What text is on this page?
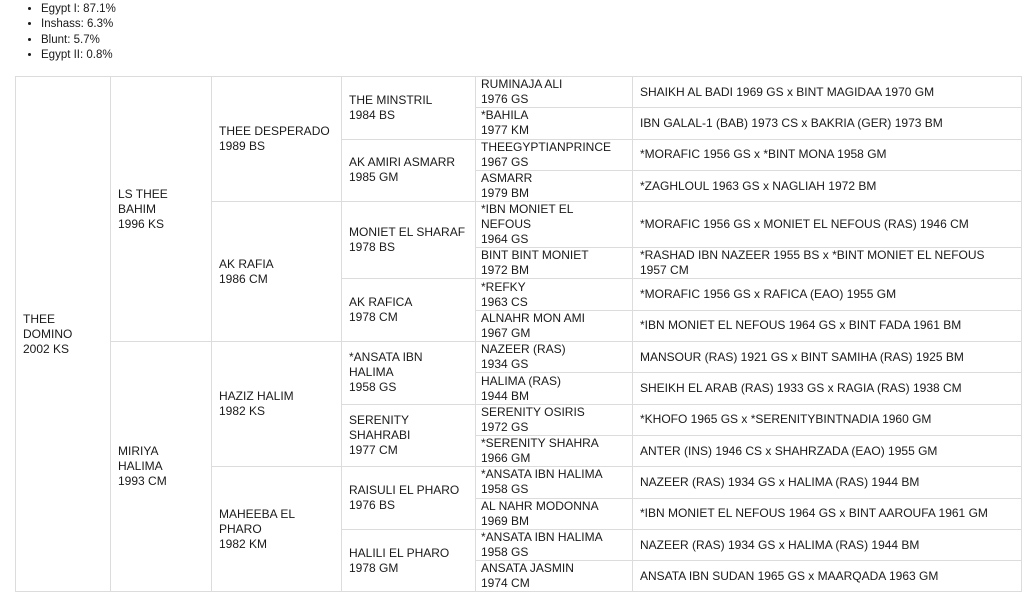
• Egypt I: 87.1%
• Inshass: 6.3%
• Blunt: 5.7%
• Egypt II: 0.8%
THEE
DOMINO
2002 KS	LS THEE
BAHIM
1996 KS	THEE DESPERADO
1989 BS	THE MINSTRIL
1984 BS	RUMINAJA ALI
1976 GS	SHAIKH AL BADI 1969 GS x BINT MAGIDAA 1970 GM

				*BAHILA
1977 KM	IBN GALAL-1 (BAB) 1973 CS x BAKRIA (GER) 1973 BM

			AK AMIRI ASMARR
1985 GM	THEEGYPTIANPRINCE
1967 GS	*MORAFIC 1956 GS x *BINT MONA 1958 GM

				ASMARR
1979 BM	*ZAGHLOUL 1963 GS x NAGLIAH 1972 BM

		AK RAFIA
1986 CM	MONIET EL SHARAF
1978 BS	*IBN MONIET EL
NEFOUS
1964 GS	*MORAFIC 1956 GS x MONIET EL NEFOUS (RAS) 1946 CM

				BINT BINT MONIET
1972 BM	*RASHAD IBN NAZEER 1955 BS x *BINT MONIET EL NEFOUS 1957 CM

			AK RAFICA
1978 CM	*REFKY
1963 CS	*MORAFIC 1956 GS x RAFICA (EAO) 1955 GM

				ALNAHR MON AMI
1967 GM	*IBN MONIET EL NEFOUS 1964 GS x BINT FADA 1961 BM

	MIRIYA
HALIMA
1993 CM	HAZIZ HALIM
1982 KS	*ANSATA IBN
HALIMA
1958 GS	NAZEER (RAS)
1934 GS	MANSOUR (RAS) 1921 GS x BINT SAMIHA (RAS) 1925 BM

				HALIMA (RAS)
1944 BM	SHEIKH EL ARAB (RAS) 1933 GS x RAGIA (RAS) 1938 CM

			SERENITY
SHAHRABI
1977 CM	SERENITY OSIRIS
1972 GS	*KHOFO 1965 GS x *SERENITYBINTNADIA 1960 GM

				*SERENITY SHAHRA
1966 GM	ANTER (INS) 1946 CS x SHAHRZADA (EAO) 1955 GM

		MAHEEBA EL
PHARO
1982 KM	RAISULI EL PHARO
1976 BS	*ANSATA IBN HALIMA
1958 GS	NAZEER (RAS) 1934 GS x HALIMA (RAS) 1944 BM

				AL NAHR MODONNA
1969 BM	*IBN MONIET EL NEFOUS 1964 GS x BINT AAROUFA 1961 GM

			HALILI EL PHARO
1978 GM	*ANSATA IBN HALIMA
1958 GS	NAZEER (RAS) 1934 GS x HALIMA (RAS) 1944 BM

				ANSATA JASMIN
1974 CM	ANSATA IBN SUDAN 1965 GS x MAARQADA 1963 GM
